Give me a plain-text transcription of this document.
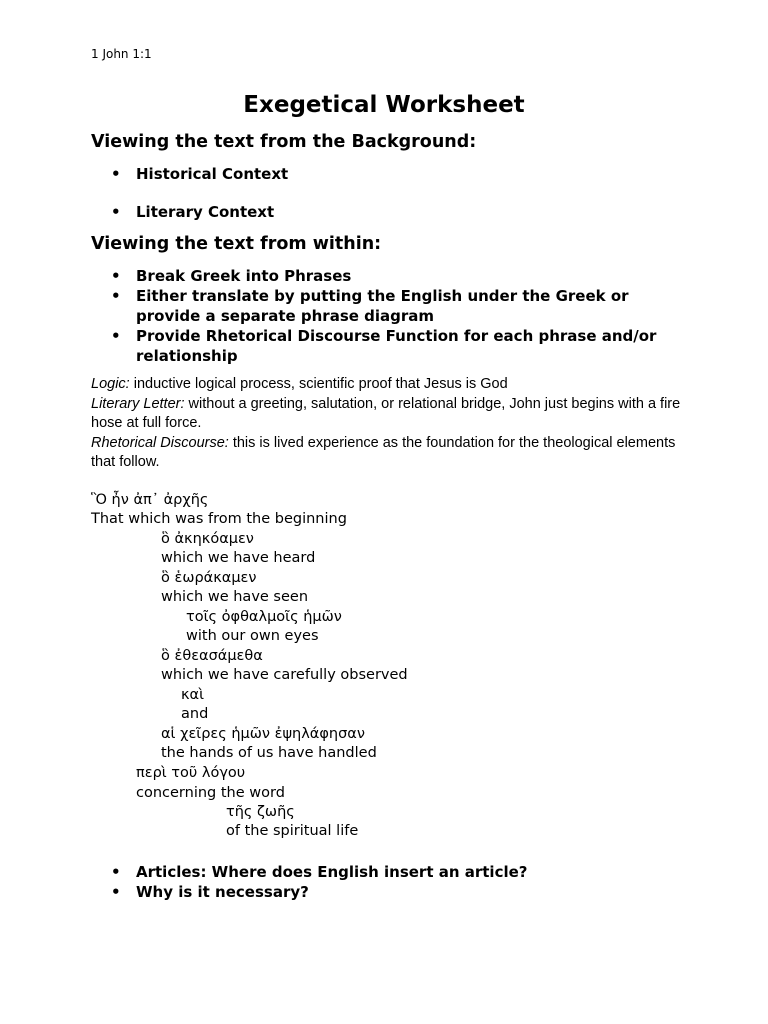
1 John 1:1
Exegetical Worksheet
Viewing the text from the Background:
• Historical Context
• Literary Context
Viewing the text from within:
• Break Greek into Phrases
• Either translate by putting the English under the Greek or provide a separate phrase diagram
• Provide Rhetorical Discourse Function for each phrase and/or relationship

Logic: inductive logical process, scientific proof that Jesus is God

Literary Letter: without a greeting, salutation, or relational bridge, John just begins with a fire hose at full force.

Rhetorical Discourse: this is lived experience as the foundation for the theological elements that follow.

Ὃ ἦν ἀπ᾽ ἀρχῆς
That which was from the beginning
ὃ ἀκηκόαμεν
which we have heard
ὃ ἑωράκαμεν
which we have seen
τοῖς ὀφθαλμοῖς ἡμῶν
with our own eyes
ὃ ἐθεασάμεθα
which we have carefully observed
καὶ
and
αἱ χεῖρες ἡμῶν ἐψηλάφησαν
the hands of us have handled
περὶ τοῦ λόγου
concerning the word
τῆς ζωῆς
of the spiritual life
• Articles: Where does English insert an article?
• Why is it necessary?
